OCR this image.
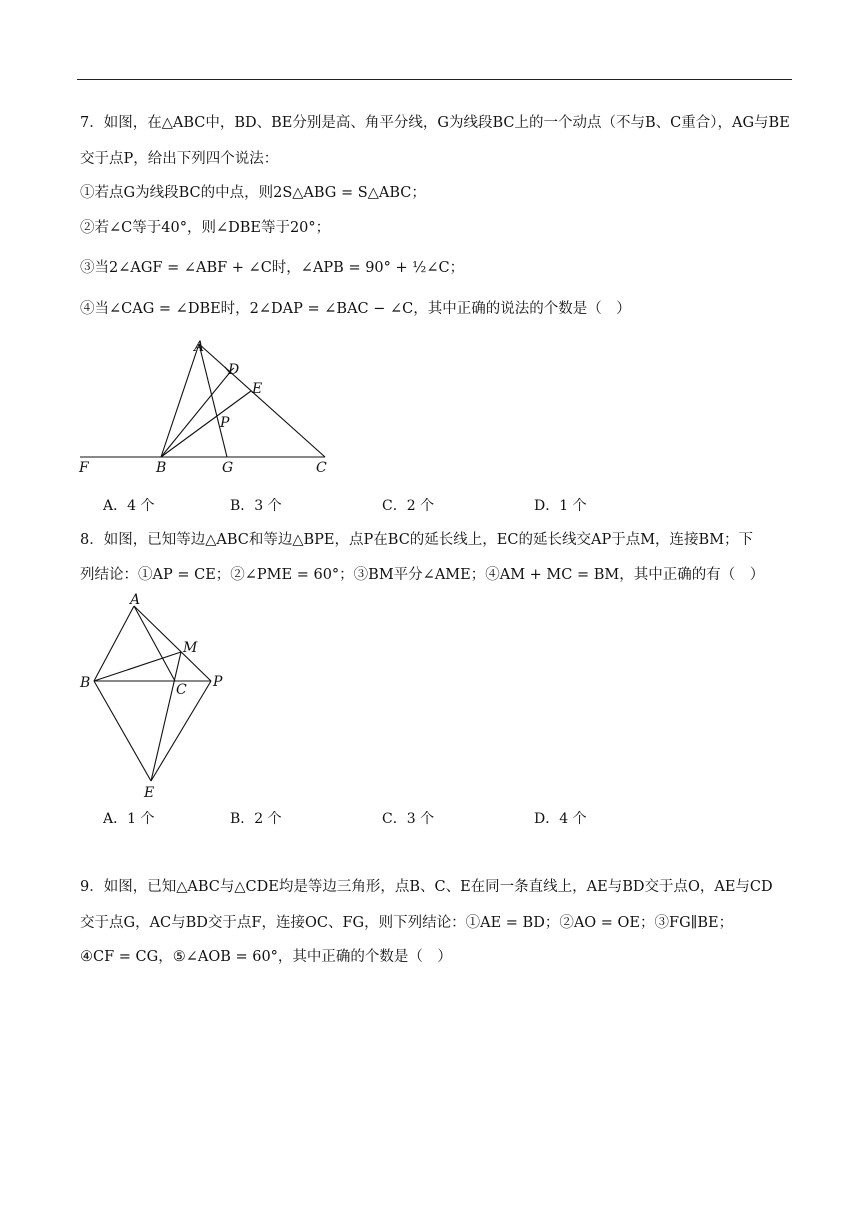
7．如图，在△ABC中，BD、BE分别是高、角平分线，G为线段BC上的一个动点（不与B、C重合），AG与BE
交于点P，给出下列四个说法：
①若点G为线段BC的中点，则2S△ABG = S△ABC；
②若∠C等于40°，则∠DBE等于20°；
③当2∠AGF = ∠ABF + ∠C时，∠APB = 90° + ½∠C；
④当∠CAG = ∠DBE时，2∠DAP = ∠BAC − ∠C，其中正确的说法的个数是（　）
A
D
E
P
F	B	G	C
A．4 个	B．3 个	C．2 个	D．1 个
8．如图，已知等边△ABC和等边△BPE，点P在BC的延长线上，EC的延长线交AP于点M，连接BM；下
列结论：①AP = CE；②∠PME = 60°；③BM平分∠AME；④AM + MC = BM，其中正确的有（　）
A
M
B	C P
E
A．1 个	B．2 个	C．3 个	D．4 个
9．如图，已知△ABC与△CDE均是等边三角形，点B、C、E在同一条直线上，AE与BD交于点O，AE与CD
交于点G，AC与BD交于点F，连接OC、FG，则下列结论：①AE = BD；②AO = OE；③FG∥BE；
④CF = CG，⑤∠AOB = 60°，其中正确的个数是（　）
